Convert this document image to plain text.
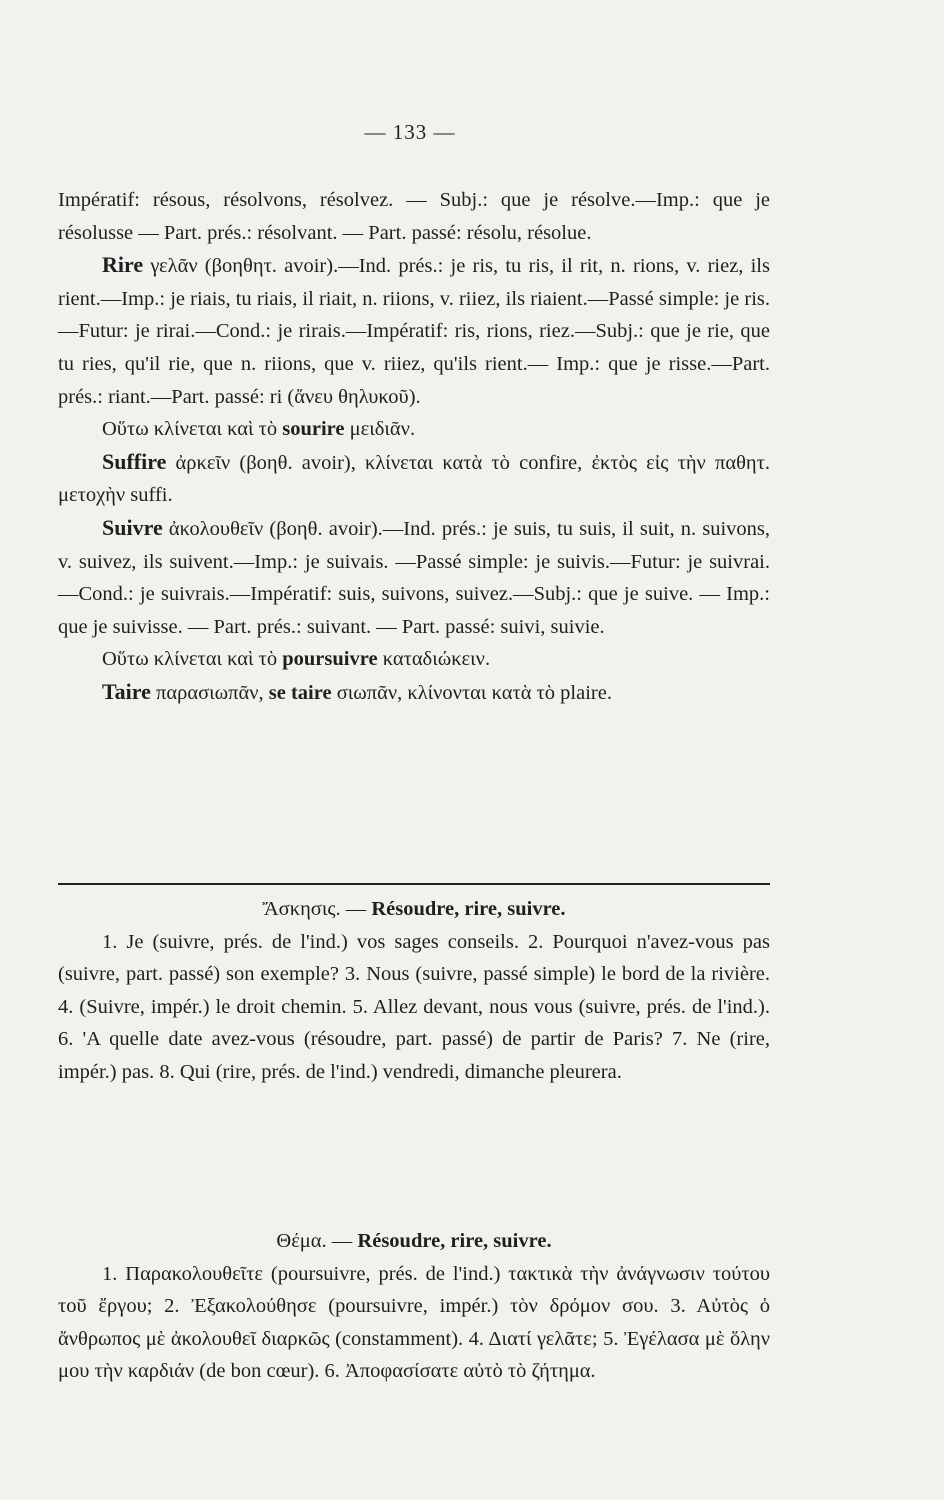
— 133 —

Impératif: résous, résolvons, résolvez. — Subj.: que je résolve.—Imp.: que je résolusse — Part. prés.: résolvant. — Part. passé: résolu, résolue.

Rire γελᾶν (βοηθητ. avoir).—Ind. prés.: je ris, tu ris, il rit, n. rions, v. riez, ils rient.—Imp.: je riais, tu riais, il riait, n. riions, v. riiez, ils riaient.—Passé simple: je ris. —Futur: je rirai.—Cond.: je rirais.—Impératif: ris, rions, riez.—Subj.: que je rie, que tu ries, qu'il rie, que n. riions, que v. riiez, qu'ils rient.— Imp.: que je risse.—Part. prés.: riant.—Part. passé: ri (ἄνευ θηλυκοῦ).

Οὕτω κλίνεται καὶ τὸ sourire μειδιᾶν.

Suffire ἀρκεῖν (βοηθ. avoir), κλίνεται κατὰ τὸ confire, ἐκτὸς εἰς τὴν παθητ. μετοχὴν suffi.

Suivre ἀκολουθεῖν (βοηθ. avoir).—Ind. prés.: je suis, tu suis, il suit, n. suivons, v. suivez, ils suivent.—Imp.: je suivais. —Passé simple: je suivis.—Futur: je suivrai.—Cond.: je suivrais.—Impératif: suis, suivons, suivez.—Subj.: que je suive. — Imp.: que je suivisse. — Part. prés.: suivant. — Part. passé: suivi, suivie.

Οὕτω κλίνεται καὶ τὸ poursuivre καταδιώκειν.

Taire παρασιωπᾶν, se taire σιωπᾶν, κλίνονται κατὰ τὸ plaire.

Ἄσκησις. — Résoudre, rire, suivre.

1. Je (suivre, prés. de l'ind.) vos sages conseils. 2. Pourquoi n'avez-vous pas (suivre, part. passé) son exemple? 3. Nous (suivre, passé simple) le bord de la rivière. 4. (Suivre, impér.) le droit chemin. 5. Allez devant, nous vous (suivre, prés. de l'ind.). 6. 'A quelle date avez-vous (résoudre, part. passé) de partir de Paris? 7. Ne (rire, impér.) pas. 8. Qui (rire, prés. de l'ind.) vendredi, dimanche pleurera.

Θέμα. — Résoudre, rire, suivre.

1. Παρακολουθεῖτε (poursuivre, prés. de l'ind.) τακτικὰ τὴν ἀνάγνωσιν τούτου τοῦ ἔργου; 2. Ἐξακολούθησε (poursuivre, impér.) τὸν δρόμον σου. 3. Αὐτὸς ὁ ἄνθρωπος μὲ ἀκολουθεῖ διαρκῶς (constamment). 4. Διατί γελᾶτε; 5. Ἐγέλασα μὲ ὅλην μου τὴν καρδιάν (de bon cœur). 6. Ἀποφασίσατε αὐτὸ τὸ ζήτημα.
